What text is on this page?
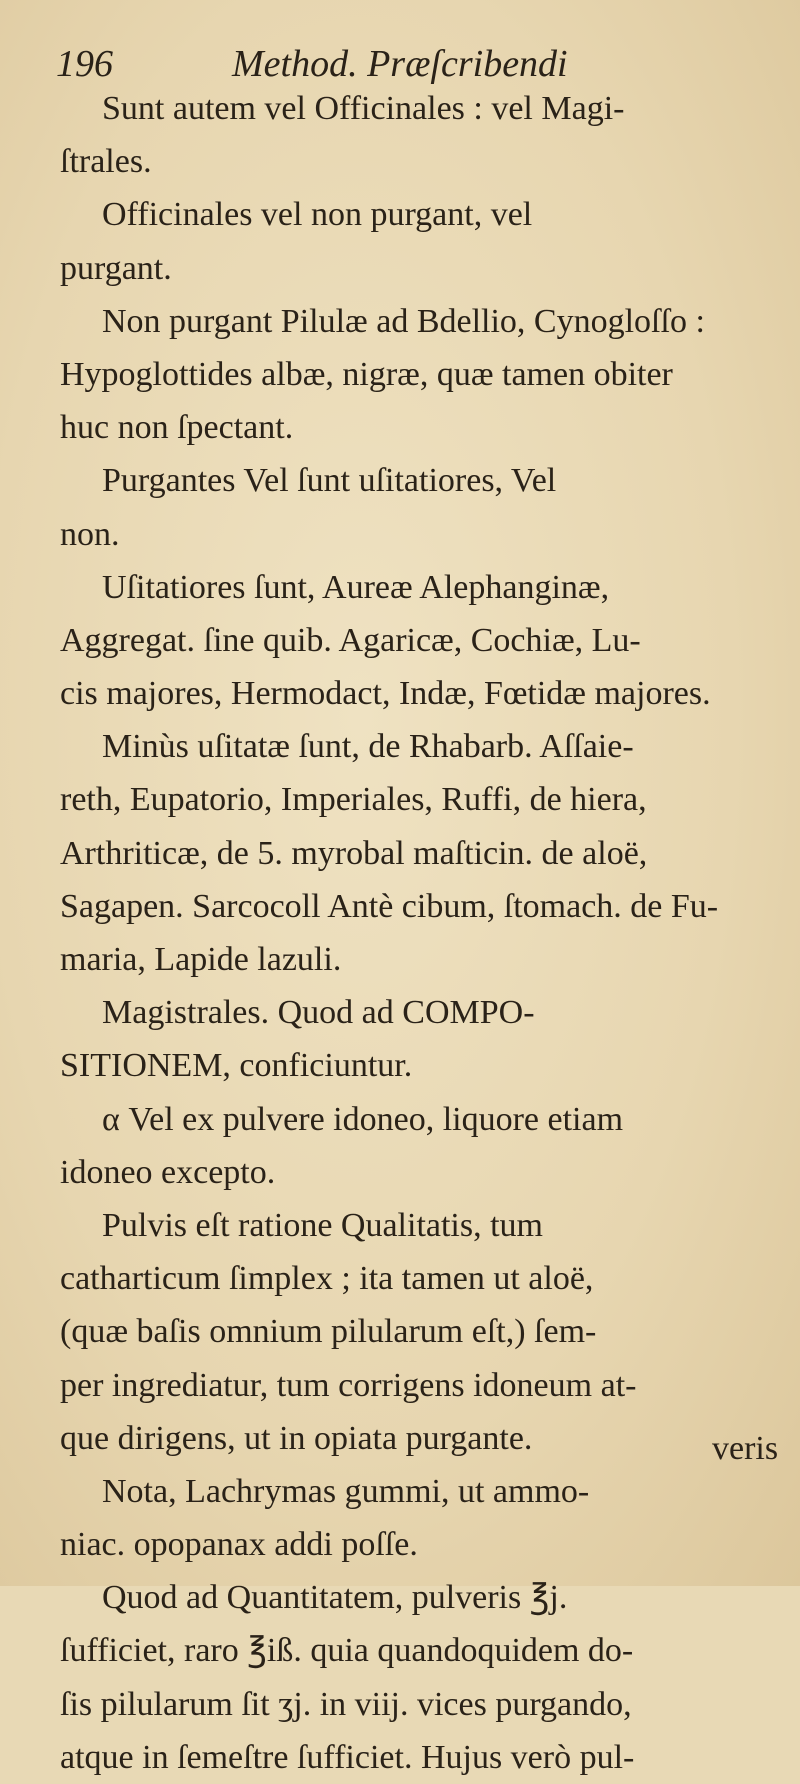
196	Method. Præſcribendi
Sunt autem vel Officinales : vel Magi-
ſtrales.
Officinales vel non purgant, vel
purgant.
Non purgant Pilulæ ad Bdellio, Cynogloſſo :
Hypoglottides albæ, nigræ, quæ tamen obiter
huc non ſpectant.
Purgantes Vel ſunt uſitatiores, Vel
non.
Uſitatiores ſunt, Aureæ Alephanginæ,
Aggregat. ſine quib. Agaricæ, Cochiæ, Lu-
cis majores, Hermodact, Indæ, Fœtidæ majores.
Minùs uſitatæ ſunt, de Rhabarb. Aſſaie-
reth, Eupatorio, Imperiales, Ruffi, de hiera,
Arthriticæ, de 5. myrobal maſticin. de aloë,
Sagapen. Sarcocoll Antè cibum, ſtomach. de Fu-
maria, Lapide lazuli.
Magistrales. Quod ad COMPO-
SITIONEM, conficiuntur.
α Vel ex pulvere idoneo, liquore etiam
idoneo excepto.
Pulvis eſt ratione Qualitatis, tum
catharticum ſimplex ; ita tamen ut aloë,
(quæ baſis omnium pilularum eſt,) ſem-
per ingrediatur, tum corrigens idoneum at-
que dirigens, ut in opiata purgante.
Nota, Lachrymas gummi, ut ammo-
niac. opopanax addi poſſe.
Quod ad Quantitatem, pulveris ℥j.
ſufficiet, raro ℥iß. quia quandoquidem do-
ſis pilularum ſit ʒj. in viij. vices purgando,
atque in ſemeſtre ſufficiet. Hujus verò pul-
veris
